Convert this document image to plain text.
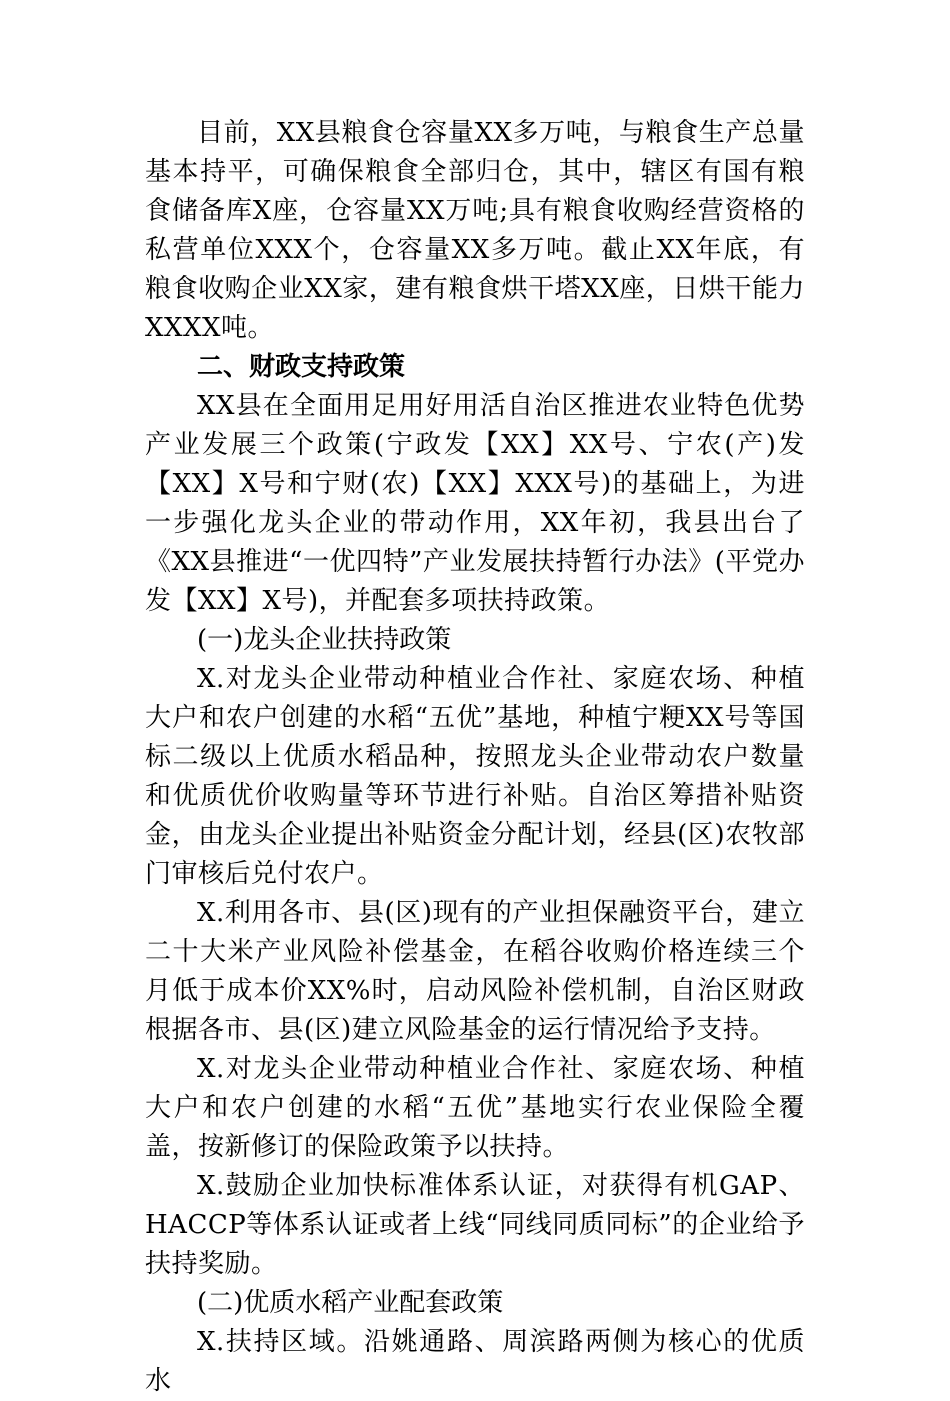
目前，XX县粮食仓容量XX多万吨，与粮食生产总量基本持平，可确保粮食全部归仓，其中，辖区有国有粮食储备库X座，仓容量XX万吨;具有粮食收购经营资格的私营单位XXX个，仓容量XX多万吨。截止XX年底，有粮食收购企业XX家，建有粮食烘干塔XX座，日烘干能力XXXX吨。

二、财政支持政策

XX县在全面用足用好用活自治区推进农业特色优势产业发展三个政策(宁政发【XX】XX号、宁农(产)发【XX】X号和宁财(农)【XX】XXX号)的基础上，为进一步强化龙头企业的带动作用，XX年初，我县出台了《XX县推进“一优四特”产业发展扶持暂行办法》(平党办发【XX】X号)，并配套多项扶持政策。

(一)龙头企业扶持政策

X.对龙头企业带动种植业合作社、家庭农场、种植大户和农户创建的水稻“五优”基地，种植宁粳XX号等国标二级以上优质水稻品种，按照龙头企业带动农户数量和优质优价收购量等环节进行补贴。自治区筹措补贴资金，由龙头企业提出补贴资金分配计划，经县(区)农牧部门审核后兑付农户。

X.利用各市、县(区)现有的产业担保融资平台，建立二十大米产业风险补偿基金，在稻谷收购价格连续三个月低于成本价XX%时，启动风险补偿机制，自治区财政根据各市、县(区)建立风险基金的运行情况给予支持。

X.对龙头企业带动种植业合作社、家庭农场、种植大户和农户创建的水稻“五优”基地实行农业保险全覆盖，按新修订的保险政策予以扶持。

X.鼓励企业加快标准体系认证，对获得有机GAP、HACCP等体系认证或者上线“同线同质同标”的企业给予扶持奖励。

(二)优质水稻产业配套政策

X.扶持区域。沿姚通路、周滨路两侧为核心的优质水
